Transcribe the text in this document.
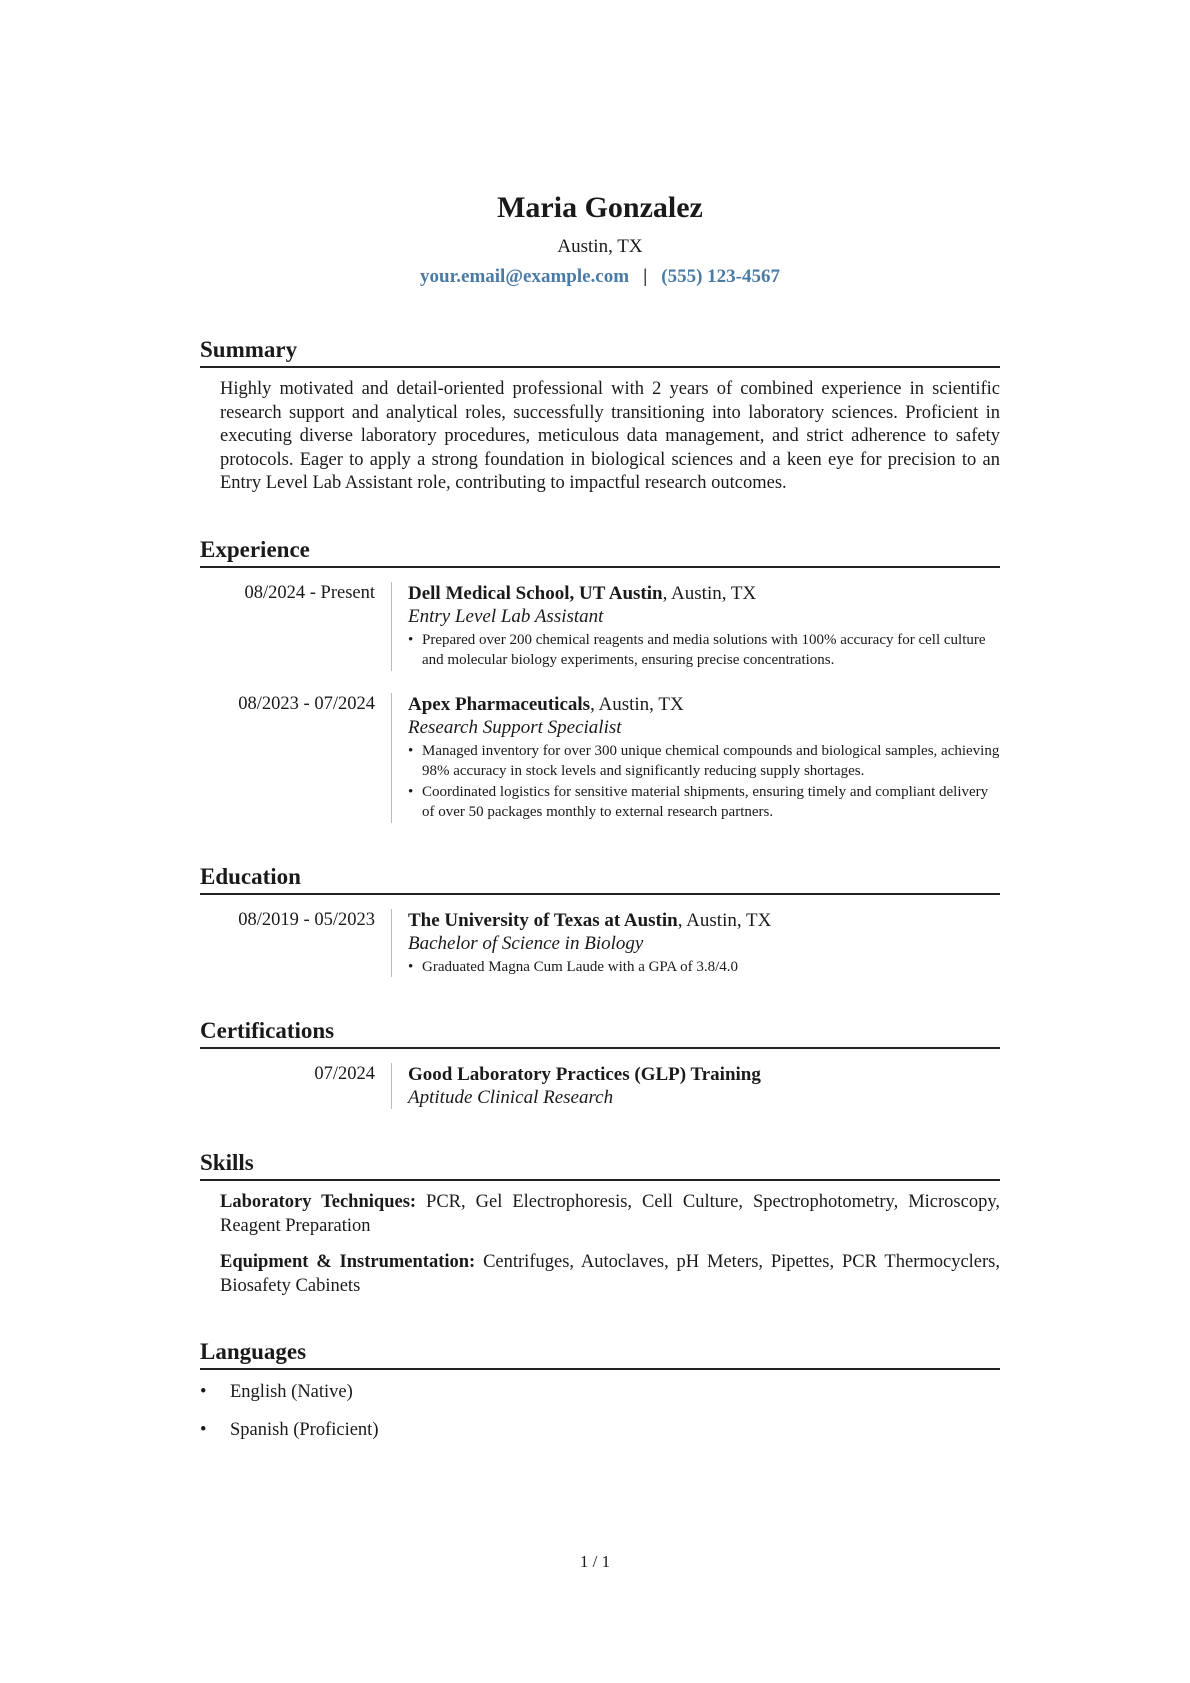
Maria Gonzalez
Austin, TX
your.email@example.com | (555) 123-4567
Summary

Highly motivated and detail-oriented professional with 2 years of combined experience in scientific research support and analytical roles, successfully transitioning into laboratory sciences. Proficient in executing diverse laboratory procedures, meticulous data management, and strict adherence to safety protocols. Eager to apply a strong foundation in biological sciences and a keen eye for precision to an Entry Level Lab Assistant role, contributing to impactful research outcomes.

Experience
08/2024 - Present	Dell Medical School, UT Austin, Austin, TX
Entry Level Lab Assistant
• Prepared over 200 chemical reagents and media solutions with 100% accuracy for cell culture and molecular biology experiments, ensuring precise concentrations.
08/2023 - 07/2024	Apex Pharmaceuticals, Austin, TX
Research Support Specialist
• Managed inventory for over 300 unique chemical compounds and biological samples, achieving 98% accuracy in stock levels and significantly reducing supply shortages.
• Coordinated logistics for sensitive material shipments, ensuring timely and compliant delivery of over 50 packages monthly to external research partners.
Education
08/2019 - 05/2023	The University of Texas at Austin, Austin, TX
Bachelor of Science in Biology
• Graduated Magna Cum Laude with a GPA of 3.8/4.0
Certifications
07/2024	Good Laboratory Practices (GLP) Training
Aptitude Clinical Research
Skills

Laboratory Techniques: PCR, Gel Electrophoresis, Cell Culture, Spectrophotometry, Microscopy, Reagent Preparation

Equipment & Instrumentation: Centrifuges, Autoclaves, pH Meters, Pipettes, PCR Thermocyclers, Biosafety Cabinets

Languages
• English (Native)
• Spanish (Proficient)
1 / 1
